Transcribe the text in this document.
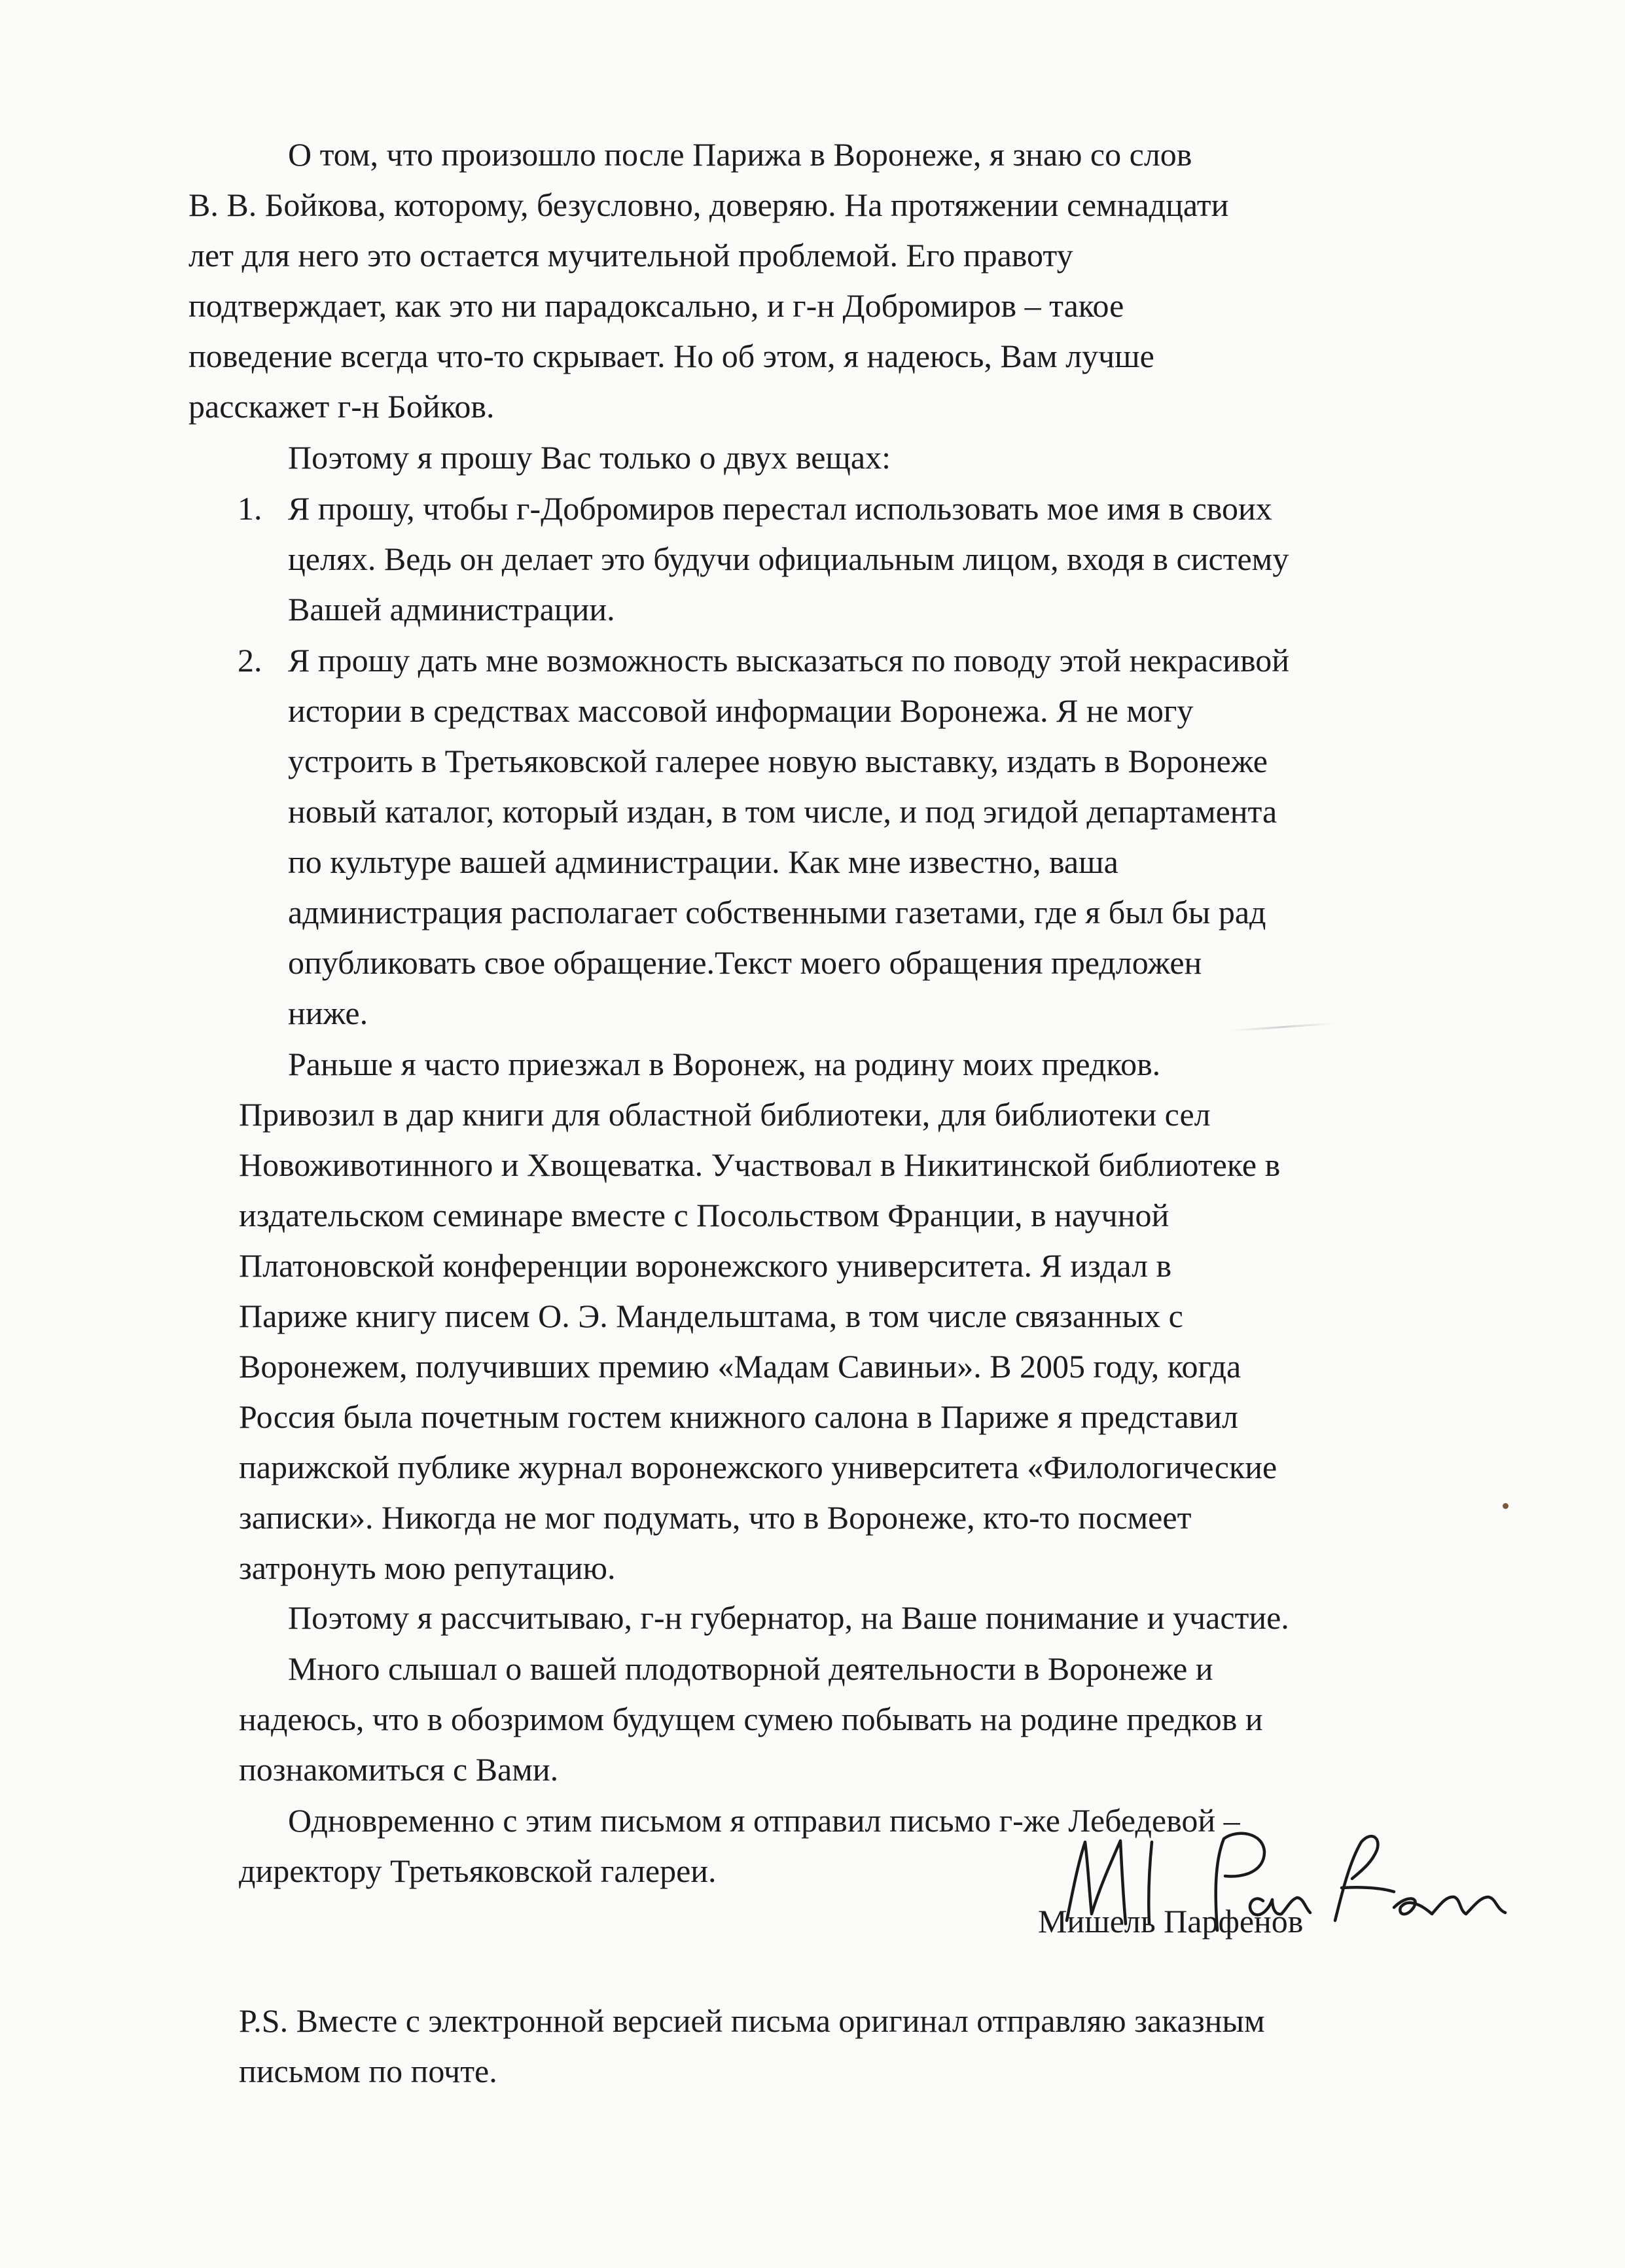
О том, что произошло после Парижа в Воронеже, я знаю со слов
В. В. Бойкова, которому, безусловно, доверяю. На протяжении семнадцати
лет для него это остается мучительной проблемой. Его правоту
подтверждает, как это ни парадоксально, и г-н Добромиров – такое
поведение всегда что-то скрывает. Но об этом, я надеюсь, Вам лучше
расскажет г-н Бойков.
Поэтому я прошу Вас только о двух вещах:
1. Я прошу, чтобы г-Добромиров перестал использовать мое имя в своих
целях. Ведь он делает это будучи официальным лицом, входя в систему
Вашей администрации.
2. Я прошу дать мне возможность высказаться по поводу этой некрасивой
истории в средствах массовой информации Воронежа. Я не могу
устроить в Третьяковской галерее новую выставку, издать в Воронеже
новый каталог, который издан, в том числе, и под эгидой департамента
по культуре вашей администрации. Как мне известно, ваша
администрация располагает собственными газетами, где я был бы рад
опубликовать свое обращение.Текст моего обращения предложен
ниже.
Раньше я часто приезжал в Воронеж, на родину моих предков.
Привозил в дар книги для областной библиотеки, для библиотеки сел
Новоживотинного и Хвощеватка. Участвовал в Никитинской библиотеке в
издательском семинаре вместе с Посольством Франции, в научной
Платоновской конференции воронежского университета. Я издал в
Париже книгу писем О. Э. Мандельштама, в том числе связанных с
Воронежем, получивших премию «Мадам Савиньи». В 2005 году, когда
Россия была почетным гостем книжного салона в Париже я представил
парижской публике журнал воронежского университета «Филологические
записки». Никогда не мог подумать, что в Воронеже, кто-то посмеет
затронуть мою репутацию.
Поэтому я рассчитываю, г-н губернатор, на Ваше понимание и участие.
Много слышал о вашей плодотворной деятельности в Воронеже и
надеюсь, что в обозримом будущем сумею побывать на родине предков и
познакомиться с Вами.
Одновременно с этим письмом я отправил письмо г-же Лебедевой –
директору Третьяковской галереи.
Мишель Парфенов
P.S. Вместе с электронной версией письма оригинал отправляю заказным
письмом по почте.
